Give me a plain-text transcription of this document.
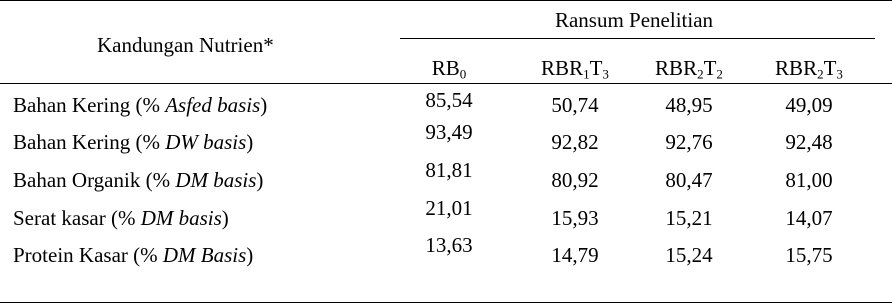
Kandungan Nutrien*
Ransum Penelitian
$RB_0$	$RBR_1T_3$ $RBR_2T_2$ $RBR_2T_3$
Bahan Kering (% Asfed basis)	85,54	50,74	48,95	49,09
Bahan Kering (% DW basis)	93,49	92,82	92,76	92,48
Bahan Organik (% DM basis)	81,81	80,92	80,47	81,00
Serat kasar (% DM basis)	21,01	15,93	15,21	14,07
Protein Kasar (% DM Basis)	13,63	14,79	15,24	15,75
